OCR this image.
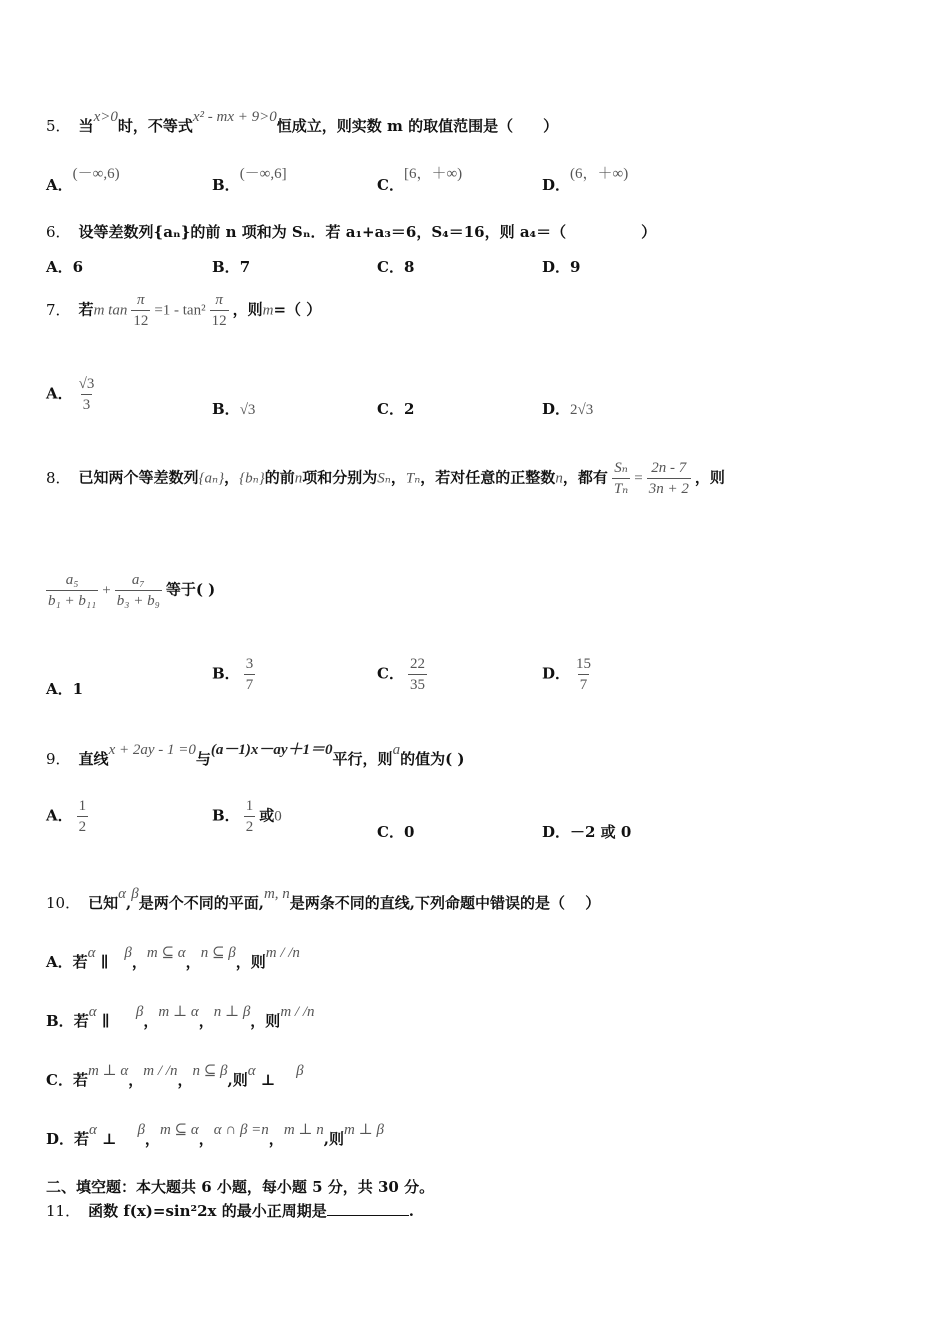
5． 当x>0时，不等式x² - mx + 9>0恒成立，则实数 m 的取值范围是（　　）
A．(－∞,6)
B．(－∞,6]
C．[6，＋∞)
D．(6，＋∞)
6． 设等差数列{aₙ}的前 n 项和为 Sₙ．若 a₁+a₃＝6，S₄＝16，则 a₄＝（　　　　　）
A．6	B．7	C．8	D．9
7． 若m $\tan \frac{\pi}{12} =1 - \tan^2 \frac{\pi}{12}$ ，则m=（ ）
A． $\frac{√3}{3}$	B．√3	C．2	D．2√3
8． 已知两个等差数列{aₙ}，{bₙ}的前n项和分别为Sₙ，Tₙ，若对任意的正整数n，都有 $\frac{\text{Sₙ}}{\text{Tₙ}} = \frac{2n - 7}{3n + 2}$ ，则
$\frac{\text{a₅}}{\text{b₁ + b₁₁}} + \frac{\text{a₇}}{\text{b₃ + b₉}}$ 等于( )
A．1
B． $\frac{3}{7}$	C． $\frac{22}{35}$	D． $\frac{15}{7}$
9． 直线x + 2ay - 1 =0与(a－1)x－ay＋1＝0平行，则a的值为( )
A． $\frac{1}{2}$	B． $\frac{1}{2}$ 或0
C．0	D．－2 或 0
10． 已知α,β是两个不同的平面,m, n是两条不同的直线,下列命题中错误的是（　 ）
A．若α ∥ β，m ⊆ α，n ⊆ β，则m / /n
B．若α ∥ β，m ⊥ α，n ⊥ β，则m / /n
C．若m ⊥ α，m / /n，n ⊆ β,则α ⊥ β
D．若α ⊥ β，m ⊆ α，α ∩ β =n，m ⊥ n,则m ⊥ β
二、填空题：本大题共 6 小题，每小题 5 分，共 30 分。
11． 函数 f(x)=sin²2x 的最小正周期是	.
